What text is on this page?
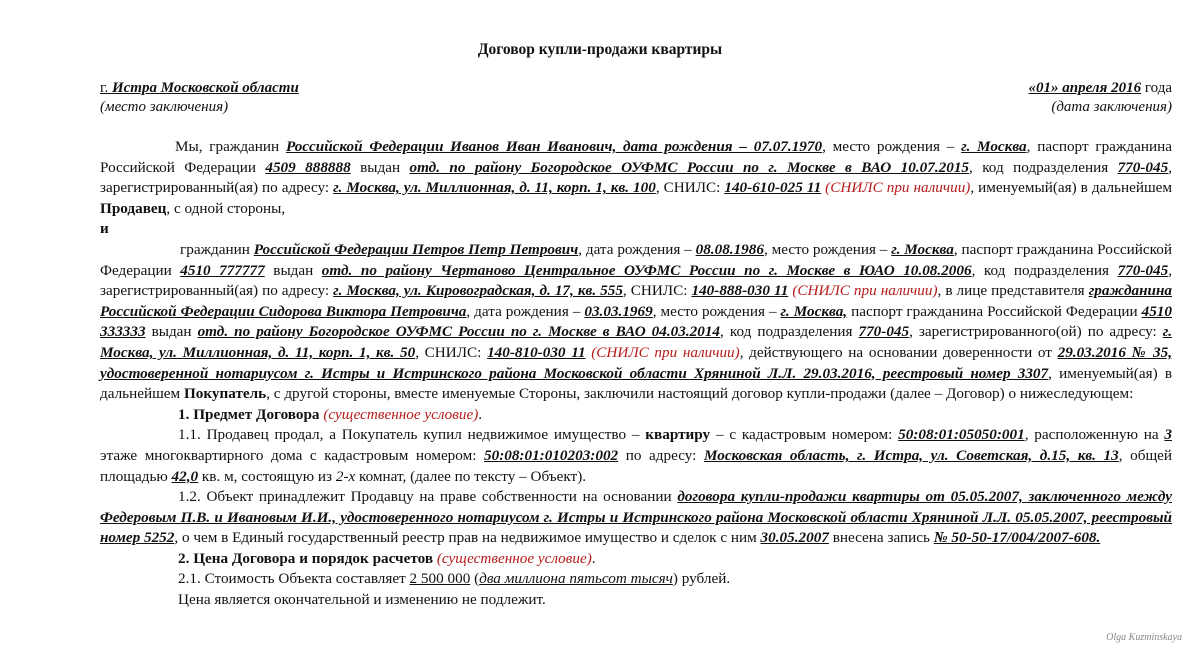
Договор купли-продажи квартиры
г. Истра Московской области
(место заключения)
«01» апреля 2016 года
(дата заключения)

Мы, гражданин Российской Федерации Иванов Иван Иванович, дата рождения – 07.07.1970, место рождения – г. Москва, паспорт гражданина Российской Федерации 4509 888888 выдан отд. по району Богородское ОУФМС России по г. Москве в ВАО 10.07.2015, код подразделения 770-045, зарегистрированный(ая) по адресу: г. Москва, ул. Миллионная, д. 11, корп. 1, кв. 100, СНИЛС: 140-610-025 11 (СНИЛС при наличии), именуемый(ая) в дальнейшем Продавец, с одной стороны,

и

гражданин Российской Федерации Петров Петр Петрович, дата рождения – 08.08.1986, место рождения – г. Москва, паспорт гражданина Российской Федерации 4510 777777 выдан отд. по району Чертаново Центральное ОУФМС России по г. Москве в ЮАО 10.08.2006, код подразделения 770-045, зарегистрированный(ая) по адресу: г. Москва, ул. Кировоградская, д. 17, кв. 555, СНИЛС: 140-888-030 11 (СНИЛС при наличии), в лице представителя гражданина Российской Федерации Сидорова Виктора Петровича, дата рождения – 03.03.1969, место рождения – г. Москва, паспорт гражданина Российской Федерации 4510 333333 выдан отд. по району Богородское ОУФМС России по г. Москве в ВАО 04.03.2014, код подразделения 770-045, зарегистрированного(ой) по адресу: г. Москва, ул. Миллионная, д. 11, корп. 1, кв. 50, СНИЛС: 140-810-030 11 (СНИЛС при наличии), действующего на основании доверенности от 29.03.2016 № 35, удостоверенной нотариусом г. Истры и Истринского района Московской области Хряниной Л.Л. 29.03.2016, реестровый номер 3307, именуемый(ая) в дальнейшем Покупатель, с другой стороны, вместе именуемые Стороны, заключили настоящий договор купли-продажи (далее – Договор) о нижеследующем:

1. Предмет Договора (существенное условие).

1.1. Продавец продал, а Покупатель купил недвижимое имущество – квартиру – с кадастровым номером: 50:08:01:05050:001, расположенную на 3 этаже многоквартирного дома с кадастровым номером: 50:08:01:010203:002 по адресу: Московская область, г. Истра, ул. Советская, д.15, кв. 13, общей площадью 42,0 кв. м, состоящую из 2-х комнат, (далее по тексту – Объект).

1.2. Объект принадлежит Продавцу на праве собственности на основании договора купли-продажи квартиры от 05.05.2007, заключенного между Федеровым П.В. и Ивановым И.И., удостоверенного нотариусом г. Истры и Истринского района Московской области Хряниной Л.Л. 05.05.2007, реестровый номер 5252, о чем в Единый государственный реестр прав на недвижимое имущество и сделок с ним 30.05.2007 внесена запись № 50-50-17/004/2007-608.

2. Цена Договора и порядок расчетов (существенное условие).

2.1. Стоимость Объекта составляет 2 500 000 (два миллиона пятьсот тысяч) рублей.

Цена является окончательной и изменению не подлежит.

Olga Kuzminskaya
